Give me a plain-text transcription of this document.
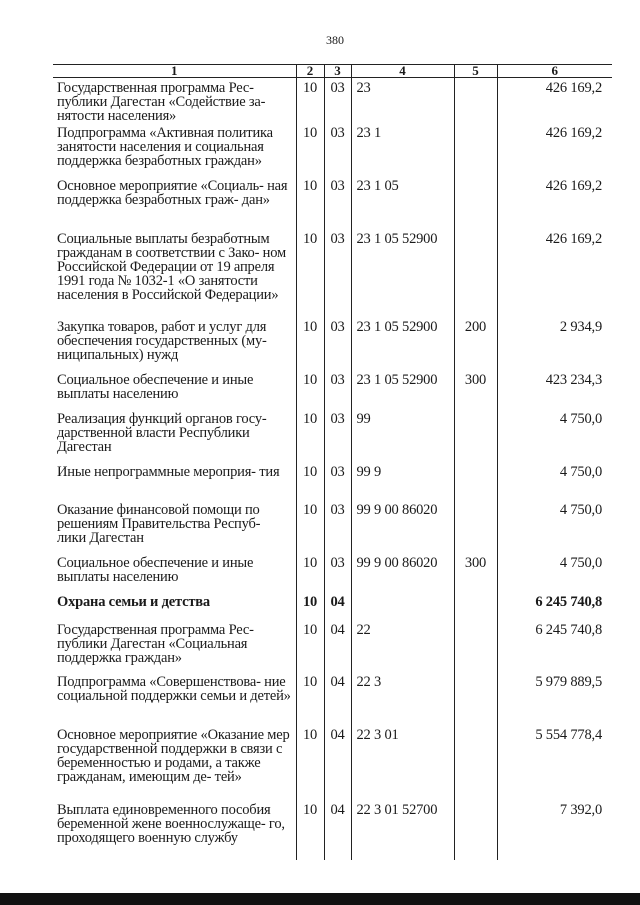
380
1	2	3	4	5	6
Государственная программа Рес- публики Дагестан «Содействие за- нятости населения»	10	03	23		426 169,2
Подпрограмма «Активная политика занятости населения и социальная поддержка безработных граждан»	10	03	23 1		426 169,2
Основное мероприятие «Социаль- ная поддержка безработных граж- дан»	10	03	23 1 05		426 169,2
Социальные выплаты безработным гражданам в соответствии с Зако- ном Российской Федерации от 19 апреля 1991 года № 1032-1 «О занятости населения в Российской Федерации»	10	03	23 1 05 52900		426 169,2
Закупка товаров, работ и услуг для обеспечения государственных (му- ниципальных) нужд	10	03	23 1 05 52900	200	2 934,9
Социальное обеспечение и иные выплаты населению	10	03	23 1 05 52900	300	423 234,3
Реализация функций органов госу- дарственной власти Республики Дагестан	10	03	99		4 750,0
Иные непрограммные мероприя- тия	10	03	99 9		4 750,0
Оказание финансовой помощи по решениям Правительства Респуб- лики Дагестан	10	03	99 9 00 86020		4 750,0
Социальное обеспечение и иные выплаты населению	10	03	99 9 00 86020	300	4 750,0
Охрана семьи и детства	10	04			6 245 740,8
Государственная программа Рес- публики Дагестан «Социальная поддержка граждан»	10	04	22		6 245 740,8
Подпрограмма «Совершенствова- ние социальной поддержки семьи и детей»	10	04	22 3		5 979 889,5
Основное мероприятие «Оказание мер государственной поддержки в связи с беременностью и родами, а также гражданам, имеющим де- тей»	10	04	22 3 01		5 554 778,4
Выплата единовременного пособия беременной жене военнослужаще- го, проходящего военную службу	10	04	22 3 01 52700		7 392,0
